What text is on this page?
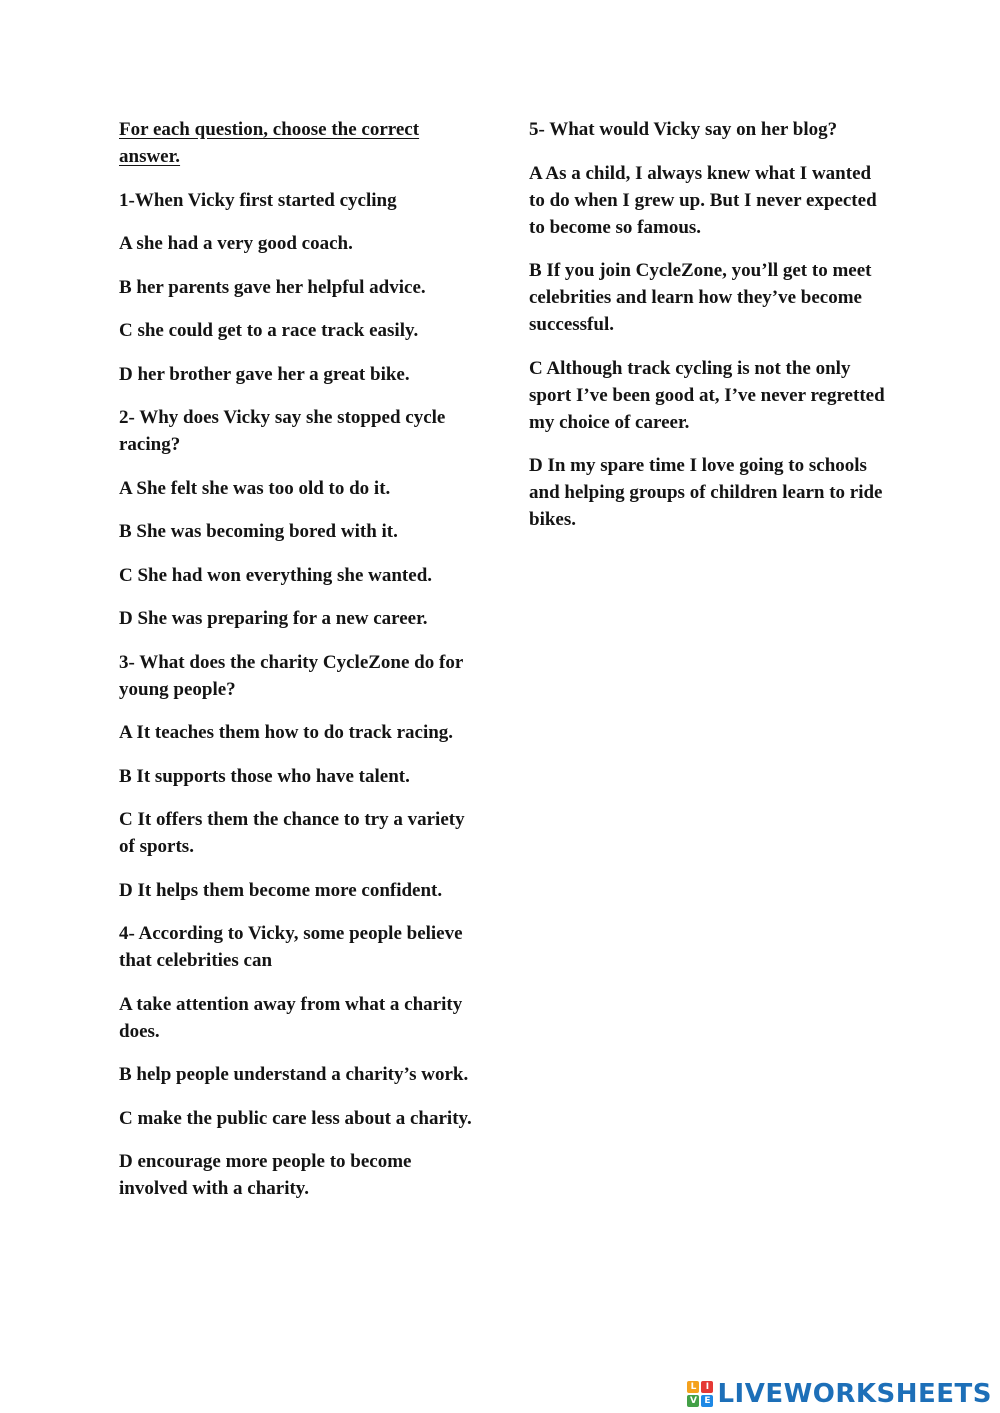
For each question, choose the correct answer.

1-When Vicky first started cycling

A she had a very good coach.

B her parents gave her helpful advice.

C she could get to a race track easily.

D her brother gave her a great bike.

2- Why does Vicky say she stopped cycle racing?

A She felt she was too old to do it.

B She was becoming bored with it.

C She had won everything she wanted.

D She was preparing for a new career.

3- What does the charity CycleZone do for young people?

A It teaches them how to do track racing.

B It supports those who have talent.

C It offers them the chance to try a variety of sports.

D It helps them become more confident.

4- According to Vicky, some people believe that celebrities can

A take attention away from what a charity does.

B help people understand a charity’s work.

C make the public care less about a charity.

D encourage more people to become involved with a charity.

5- What would Vicky say on her blog?

A As a child, I always knew what I wanted to do when I grew up. But I never expected to become so famous.

B If you join CycleZone, you’ll get to meet celebrities and learn how they’ve become successful.

C Although track cycling is not the only sport I’ve been good at, I’ve never regretted my choice of career.

D In my spare time I love going to schools and helping groups of children learn to ride bikes.

L	I
V E LIVEWORKSHEETS
